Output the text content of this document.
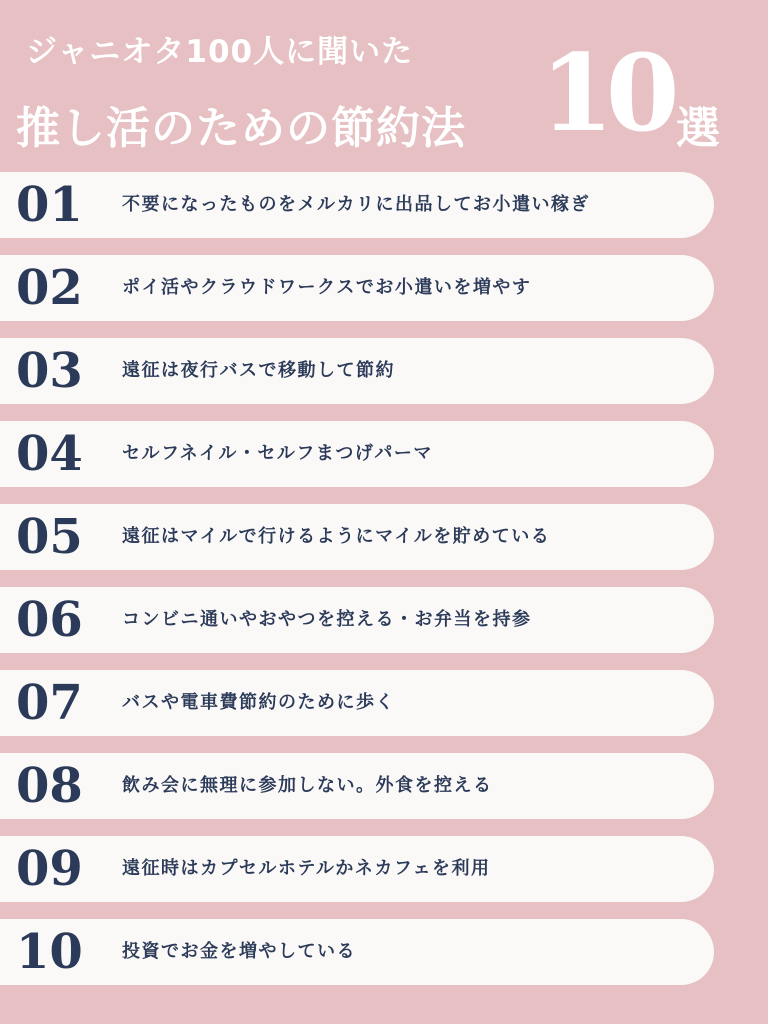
ジャニオタ100人に聞いた
推し活のための節約法 10 選
01 不要になったものをメルカリに出品してお小遣い稼ぎ
02 ポイ活やクラウドワークスでお小遣いを増やす
03 遠征は夜行バスで移動して節約
04 セルフネイル・セルフまつげパーマ
05 遠征はマイルで行けるようにマイルを貯めている
06 コンビニ通いやおやつを控える・お弁当を持参
07 バスや電車費節約のために歩く
08 飲み会に無理に参加しない。外食を控える
09 遠征時はカプセルホテルかネカフェを利用
10 投資でお金を増やしている
